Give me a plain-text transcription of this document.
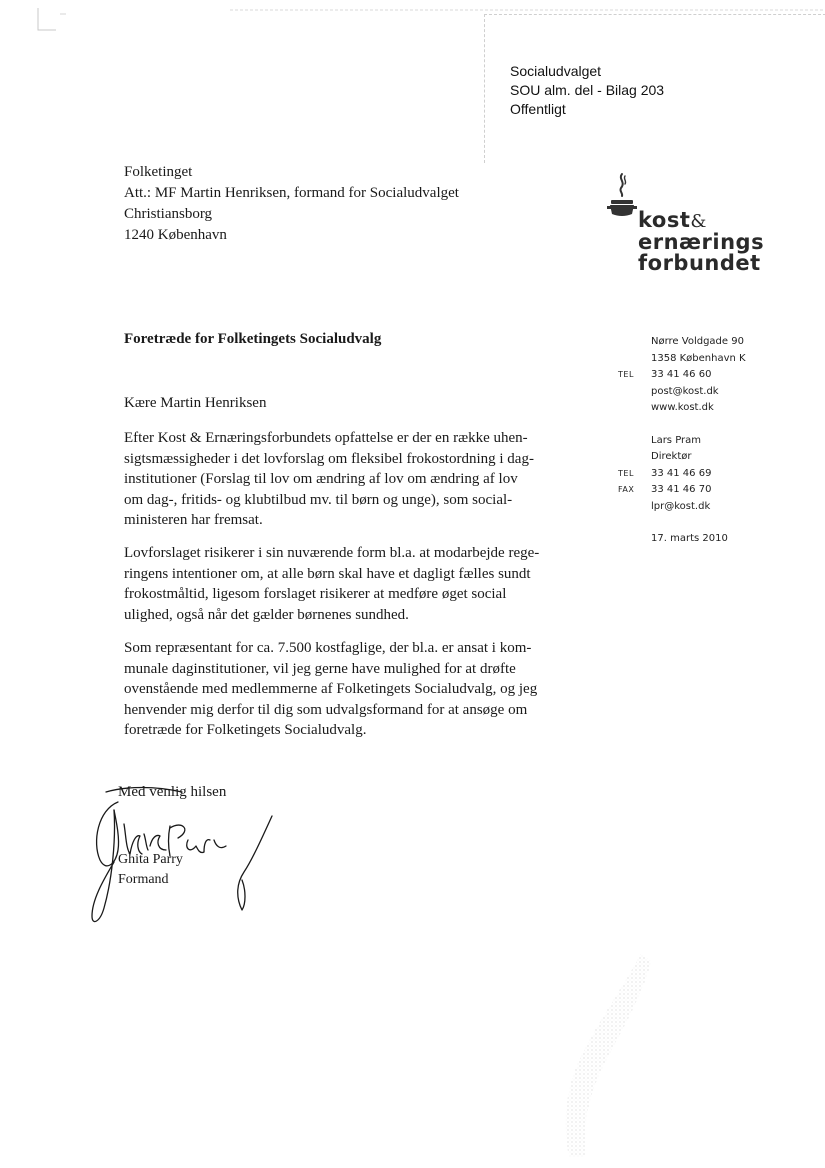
Socialudvalget
SOU alm. del - Bilag 203
Offentligt
Folketinget
Att.: MF Martin Henriksen, formand for Socialudvalget
Christiansborg
1240 København
kost&
ernærings
forbundet
Foretræde for Folketingets Socialudvalg	Nørre Voldgade 90
1358 København K
TEL	33 41 46 60
post@kost.dk
www.kost.dk
Lars Pram
Direktør
TEL	33 41 46 69
FAX	33 41 46 70
lpr@kost.dk
17. marts 2010
Kære Martin Henriksen
Efter Kost & Ernæringsforbundets opfattelse er der en række uhen-
sigtsmæssigheder i det lovforslag om fleksibel frokostordning i dag-
institutioner (Forslag til lov om ændring af lov om ændring af lov
om dag-, fritids- og klubtilbud mv. til børn og unge), som social-
ministeren har fremsat.
Lovforslaget risikerer i sin nuværende form bl.a. at modarbejde rege-
ringens intentioner om, at alle børn skal have et dagligt fælles sundt
frokostmåltid, ligesom forslaget risikerer at medføre øget social
ulighed, også når det gælder børnenes sundhed.
Som repræsentant for ca. 7.500 kostfaglige, der bl.a. er ansat i kom-
munale daginstitutioner, vil jeg gerne have mulighed for at drøfte
ovenstående med medlemmerne af Folketingets Socialudvalg, og jeg
henvender mig derfor til dig som udvalgsformand for at ansøge om
foretræde for Folketingets Socialudvalg.
Med venlig hilsen
Ghita Parry
Formand
